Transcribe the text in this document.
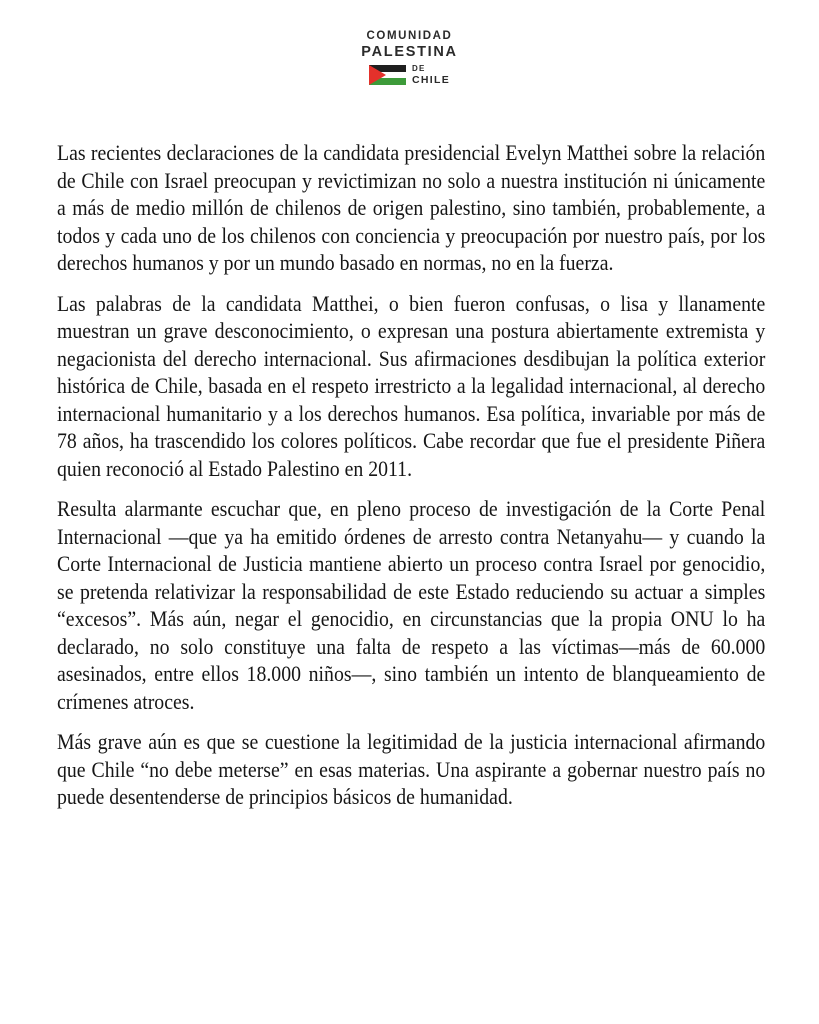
COMUNIDAD
PALESTINA
DE
CHILE

Las recientes declaraciones de la candidata presidencial Evelyn Matthei sobre la relación de Chile con Israel preocupan y revictimizan no solo a nuestra institución ni únicamente a más de medio millón de chilenos de origen palestino, sino también, probablemente, a todos y cada uno de los chilenos con conciencia y preocupación por nuestro país, por los derechos humanos y por un mundo basado en normas, no en la fuerza.

Las palabras de la candidata Matthei, o bien fueron confusas, o lisa y llanamente muestran un grave desconocimiento, o expresan una postura abiertamente extremista y negacionista del derecho internacional. Sus afirmaciones desdibujan la política exterior histórica de Chile, basada en el respeto irrestricto a la legalidad internacional, al derecho internacional humanitario y a los derechos humanos. Esa política, invariable por más de 78 años, ha trascendido los colores políticos. Cabe recordar que fue el presidente Piñera quien reconoció al Estado Palestino en 2011.

Resulta alarmante escuchar que, en pleno proceso de investigación de la Corte Penal Internacional —que ya ha emitido órdenes de arresto contra Netanyahu— y cuando la Corte Internacional de Justicia mantiene abierto un proceso contra Israel por genocidio, se pretenda relativizar la responsabilidad de este Estado reduciendo su actuar a simples “excesos”. Más aún, negar el genocidio, en circunstancias que la propia ONU lo ha declarado, no solo constituye una falta de respeto a las víctimas—más de 60.000 asesinados, entre ellos 18.000 niños—, sino también un intento de blanqueamiento de crímenes atroces.

Más grave aún es que se cuestione la legitimidad de la justicia internacional afirmando que Chile “no debe meterse” en esas materias. Una aspirante a gobernar nuestro país no puede desentenderse de principios básicos de humanidad.
